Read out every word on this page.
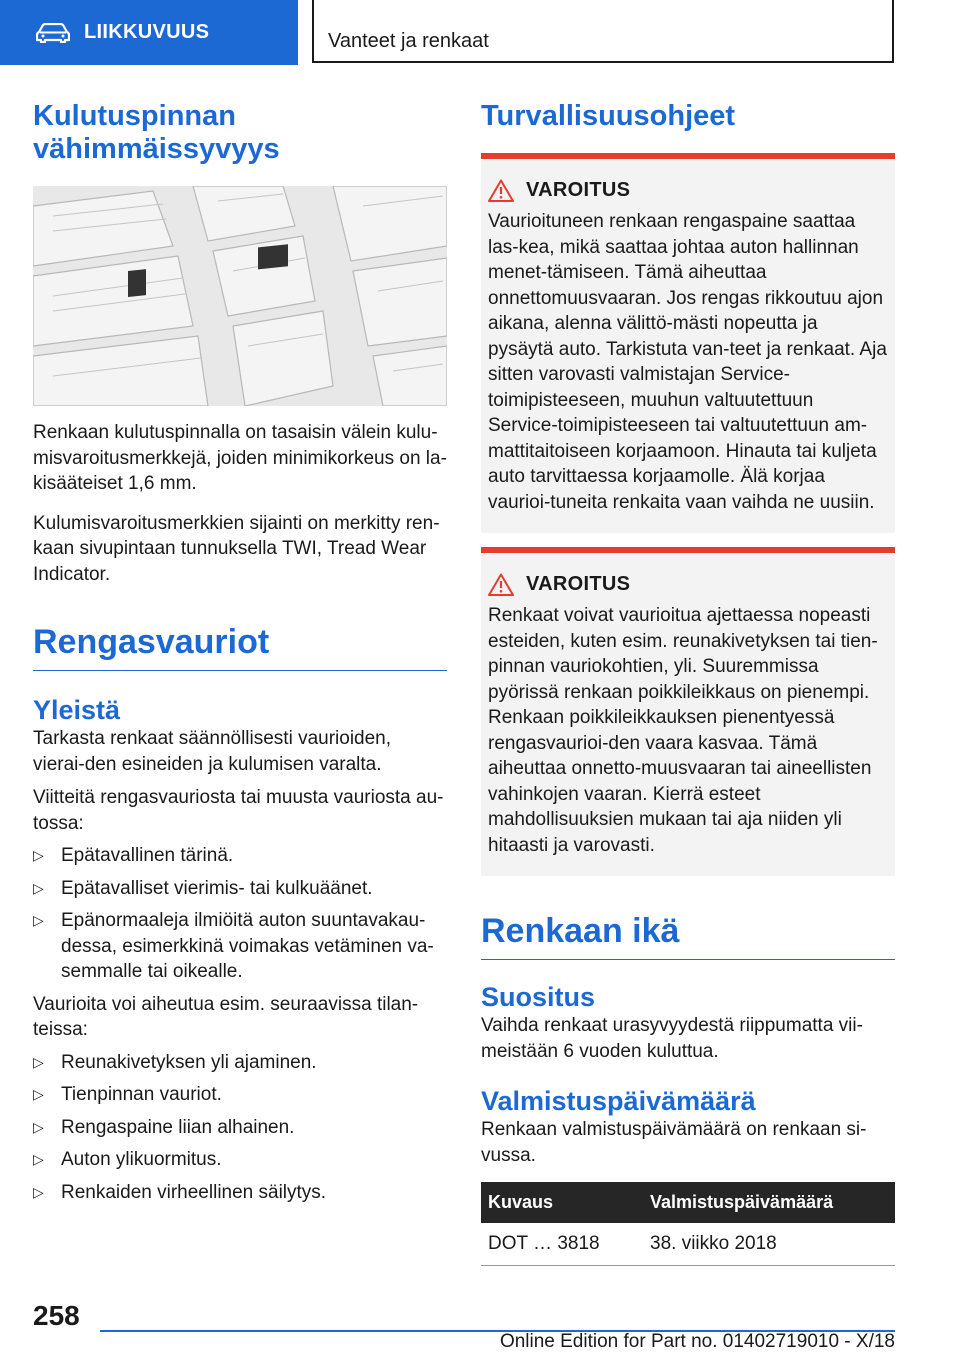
LIIKKUVUUS	Vanteet ja renkaat
Kulutuspinnan vähimmäissyvyys

Renkaan kulutuspinnalla on tasaisin välein kulu-misvaroitusmerkkejä, joiden minimikorkeus on la-kisääteiset 1,6 mm.

Kulumisvaroitusmerkkien sijainti on merkitty ren-kaan sivupintaan tunnuksella TWI, Tread Wear Indicator.

Rengasvauriot
Yleistä

Tarkasta renkaat säännöllisesti vaurioiden, vierai-den esineiden ja kulumisen varalta.

Viitteitä rengasvauriosta tai muusta vauriosta au-tossa:

▷ Epätavallinen tärinä.
▷ Epätavalliset vierimis- tai kulkuäänet.
▷ Epänormaaleja ilmiöitä auton suuntavakau-dessa, esimerkkinä voimakas vetäminen va-semmalle tai oikealle.

Vaurioita voi aiheutua esim. seuraavissa tilan-teissa:

▷ Reunakivetyksen yli ajaminen.
▷ Tienpinnan vauriot.
▷ Rengaspaine liian alhainen.
▷ Auton ylikuormitus.
▷ Renkaiden virheellinen säilytys.
Turvallisuusohjeet
VAROITUS

Vaurioituneen renkaan rengaspaine saattaa las-kea, mikä saattaa johtaa auton hallinnan menet-tämiseen. Tämä aiheuttaa onnettomuusvaaran. Jos rengas rikkoutuu ajon aikana, alenna välittö-mästi nopeutta ja pysäytä auto. Tarkistuta van-teet ja renkaat. Aja sitten varovasti valmistajan Service-toimipisteeseen, muuhun valtuutettuun Service-toimipisteeseen tai valtuutettuun am-mattitaitoiseen korjaamoon. Hinauta tai kuljeta auto tarvittaessa korjaamolle. Älä korjaa vaurioi-tuneita renkaita vaan vaihda ne uusiin.

VAROITUS

Renkaat voivat vaurioitua ajettaessa nopeasti esteiden, kuten esim. reunakivetyksen tai tien-pinnan vauriokohtien, yli. Suuremmissa pyörissä renkaan poikkileikkaus on pienempi. Renkaan poikkileikkauksen pienentyessä rengasvaurioi-den vaara kasvaa. Tämä aiheuttaa onnetto-muusvaaran tai aineellisten vahinkojen vaaran. Kierrä esteet mahdollisuuksien mukaan tai aja niiden yli hitaasti ja varovasti.

Renkaan ikä
Suositus

Vaihda renkaat urasyvyydestä riippumatta vii-meistään 6 vuoden kuluttua.

Valmistuspäivämäärä

Renkaan valmistuspäivämäärä on renkaan si-vussa.

Kuvaus	Valmistuspäivämäärä
DOT … 3818	38. viikko 2018
258
Online Edition for Part no. 01402719010 - X/18
